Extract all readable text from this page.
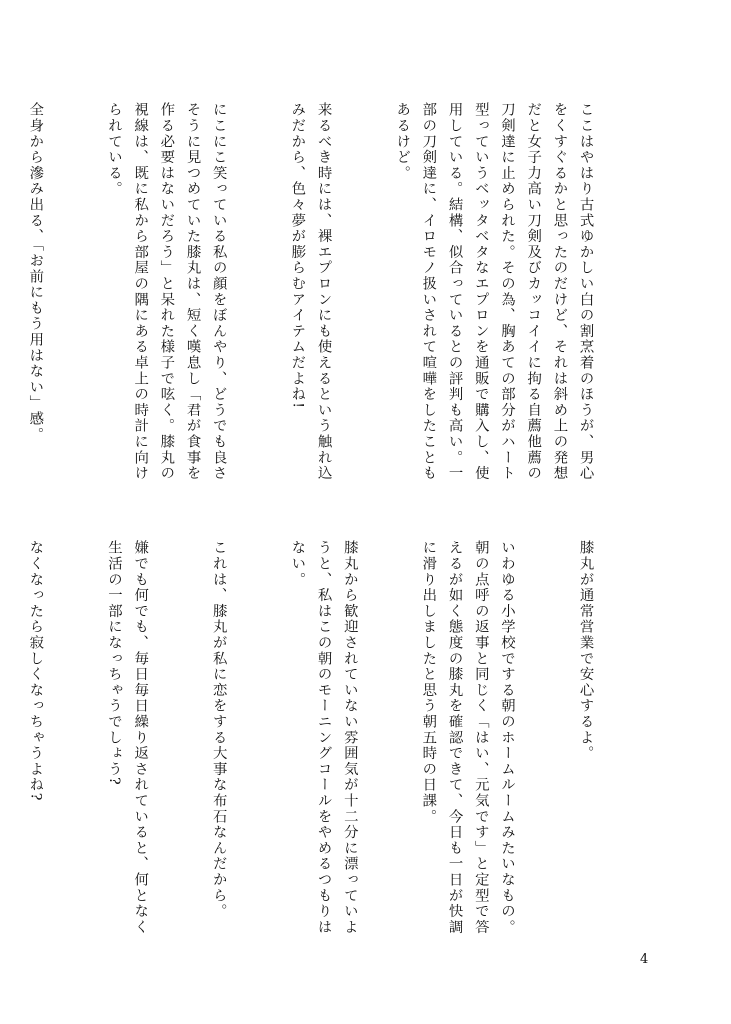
ここはやはり古式ゆかしい白の割烹着のほうが、男心をくすぐるかと思ったのだけど、それは斜め上の発想だと女子力高い刀剣及びカッコイイに拘る自薦他薦の刀剣達に止められた。その為、胸あての部分がハート型っていうベッタベタなエプロンを通販で購入し、使用している。結構、似合っているとの評判も高い。一部の刀剣達に、イロモノ扱いされて喧嘩をしたこともあるけど。

来るべき時には、裸エプロンにも使えるという触れ込みだから、色々夢が膨らむアイテムだよね!

にこにこ笑っている私の顔をぼんやり、どうでも良さそうに見つめていた膝丸は、短く嘆息し「君が食事を作る必要はないだろう」と呆れた様子で呟く。膝丸の視線は、既に私から部屋の隅にある卓上の時計に向けられている。

全身から滲み出る、「お前にもう用はない」感。

膝丸が通常営業で安心するよ。

いわゆる小学校でする朝のホームルームみたいなもの。朝の点呼の返事と同じく「はい、元気です」と定型で答えるが如く態度の膝丸を確認できて、今日も一日が快調に滑り出しましたと思う朝五時の日課。

膝丸から歓迎されていない雰囲気が十二分に漂っていようと、私はこの朝のモーニングコールをやめるつもりはない。

これは、膝丸が私に恋をする大事な布石なんだから。

嫌でも何でも、毎日毎日繰り返されていると、何となく生活の一部になっちゃうでしょう?

なくなったら寂しくなっちゃうよね?

4
